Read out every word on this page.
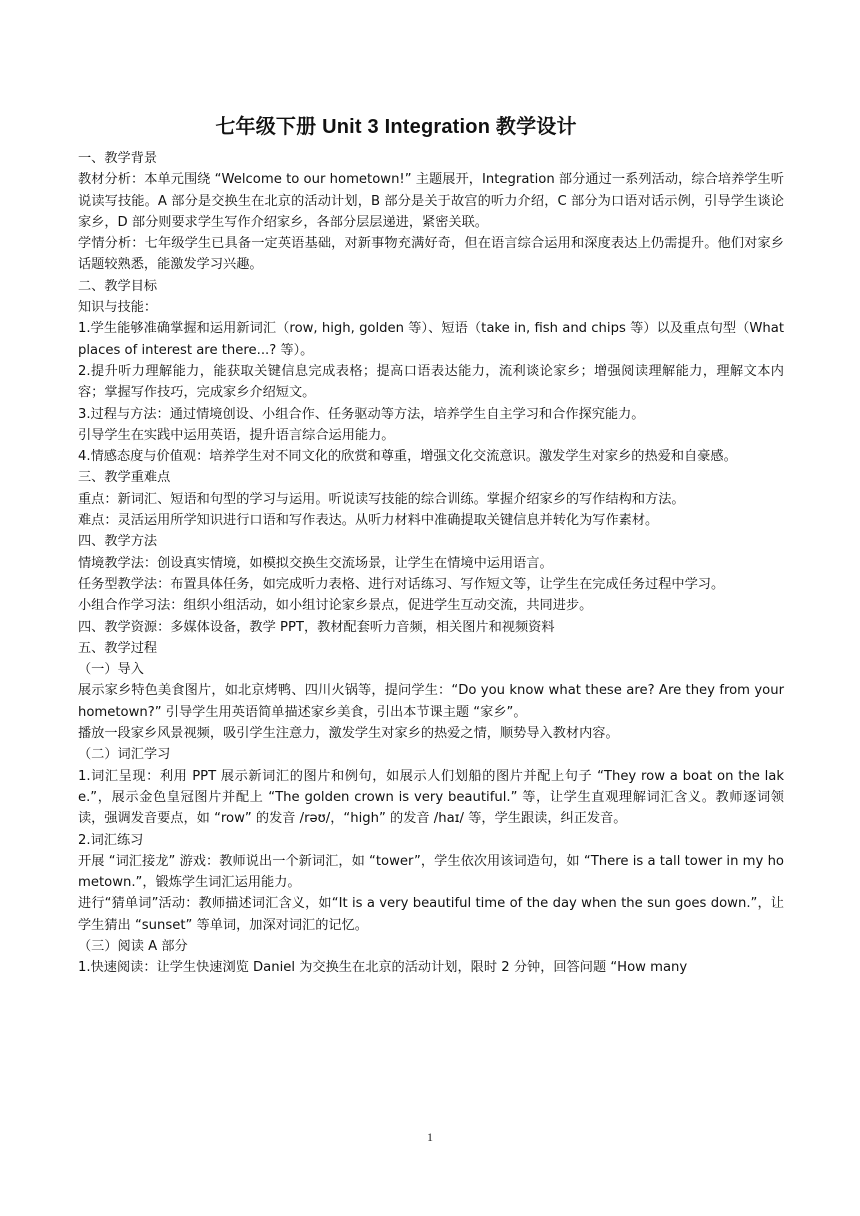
七年级下册 Unit 3 Integration 教学设计

一、教学背景

教材分析：本单元围绕 “Welcome to our hometown!” 主题展开，Integration 部分通过一系列活动，综合培养学生听说读写技能。A 部分是交换生在北京的活动计划，B 部分是关于故宫的听力介绍，C 部分为口语对话示例，引导学生谈论家乡，D 部分则要求学生写作介绍家乡，各部分层层递进，紧密关联。

学情分析：七年级学生已具备一定英语基础，对新事物充满好奇，但在语言综合运用和深度表达上仍需提升。他们对家乡话题较熟悉，能激发学习兴趣。

二、教学目标

知识与技能：

1.学生能够准确掌握和运用新词汇（row, high, golden 等）、短语（take in, fish and chips 等）以及重点句型（What places of interest are there...? 等）。

2.提升听力理解能力，能获取关键信息完成表格；提高口语表达能力，流利谈论家乡；增强阅读理解能力，理解文本内容；掌握写作技巧，完成家乡介绍短文。

3.过程与方法：通过情境创设、小组合作、任务驱动等方法，培养学生自主学习和合作探究能力。

引导学生在实践中运用英语，提升语言综合运用能力。

4.情感态度与价值观：培养学生对不同文化的欣赏和尊重，增强文化交流意识。激发学生对家乡的热爱和自豪感。

三、教学重难点

重点：新词汇、短语和句型的学习与运用。听说读写技能的综合训练。掌握介绍家乡的写作结构和方法。

难点：灵活运用所学知识进行口语和写作表达。从听力材料中准确提取关键信息并转化为写作素材。

四、教学方法

情境教学法：创设真实情境，如模拟交换生交流场景，让学生在情境中运用语言。

任务型教学法：布置具体任务，如完成听力表格、进行对话练习、写作短文等，让学生在完成任务过程中学习。

小组合作学习法：组织小组活动，如小组讨论家乡景点，促进学生互动交流，共同进步。

四、教学资源：多媒体设备，教学 PPT，教材配套听力音频，相关图片和视频资料

五、教学过程

（一）导入

展示家乡特色美食图片，如北京烤鸭、四川火锅等，提问学生：“Do you know what these are? Are they from your hometown?” 引导学生用英语简单描述家乡美食，引出本节课主题 “家乡”。

播放一段家乡风景视频，吸引学生注意力，激发学生对家乡的热爱之情，顺势导入教材内容。

（二）词汇学习

1.词汇呈现：利用 PPT 展示新词汇的图片和例句，如展示人们划船的图片并配上句子 “They row a boat on the lake.”，展示金色皇冠图片并配上 “The golden crown is very beautiful.” 等，让学生直观理解词汇含义。教师逐词领读，强调发音要点，如 “row” 的发音 /rəʊ/，“high” 的发音 /haɪ/ 等，学生跟读，纠正发音。

2.词汇练习

开展 “词汇接龙” 游戏：教师说出一个新词汇，如 “tower”，学生依次用该词造句，如 “There is a tall tower in my hometown.”，锻炼学生词汇运用能力。

进行“猜单词”活动：教师描述词汇含义，如“It is a very beautiful time of the day when the sun goes down.”，让学生猜出 “sunset” 等单词，加深对词汇的记忆。

（三）阅读 A 部分

1.快速阅读：让学生快速浏览 Daniel 为交换生在北京的活动计划，限时 2 分钟，回答问题 “How many

1
